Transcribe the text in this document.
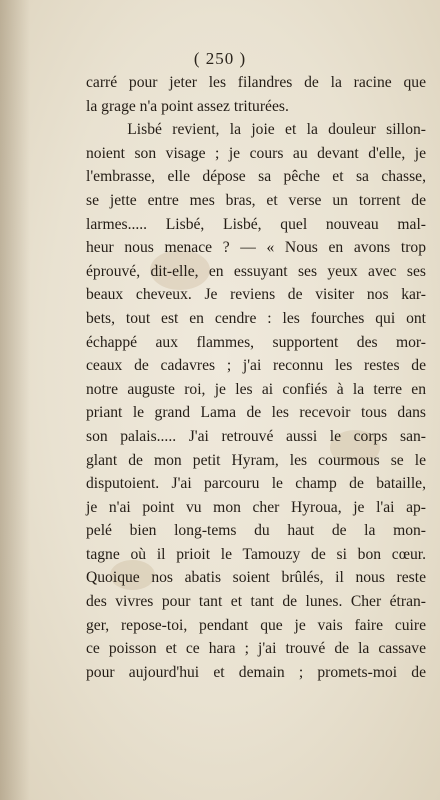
( 250 )
carré pour jeter les filandres de la racine que
la grage n'a point assez triturées.
Lisbé revient, la joie et la douleur sillon-
noient son visage ; je cours au devant d'elle, je
l'embrasse, elle dépose sa pêche et sa chasse,
se jette entre mes bras, et verse un torrent de
larmes..... Lisbé, Lisbé, quel nouveau mal-
heur nous menace ? — « Nous en avons trop
éprouvé, dit-elle, en essuyant ses yeux avec ses
beaux cheveux. Je reviens de visiter nos kar-
bets, tout est en cendre : les fourches qui ont
échappé aux flammes, supportent des mor-
ceaux de cadavres ; j'ai reconnu les restes de
notre auguste roi, je les ai confiés à la terre en
priant le grand Lama de les recevoir tous dans
son palais..... J'ai retrouvé aussi le corps san-
glant de mon petit Hyram, les courmous se le
disputoient. J'ai parcouru le champ de bataille,
je n'ai point vu mon cher Hyroua, je l'ai ap-
pelé bien long-tems du haut de la mon-
tagne où il prioit le Tamouzy de si bon cœur.
Quoique nos abatis soient brûlés, il nous reste
des vivres pour tant et tant de lunes. Cher étran-
ger, repose-toi, pendant que je vais faire cuire
ce poisson et ce hara ; j'ai trouvé de la cassave
pour aujourd'hui et demain ; promets-moi de
